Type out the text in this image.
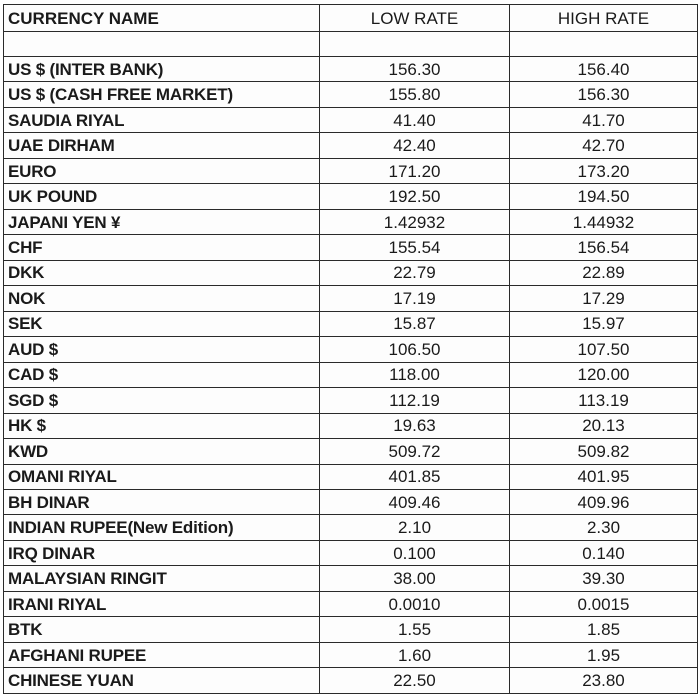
CURRENCY NAME	LOW RATE	HIGH RATE

US $ (INTER BANK)	156.30	156.40
US $ (CASH FREE MARKET)	155.80	156.30
SAUDIA RIYAL	41.40	41.70
UAE DIRHAM	42.40	42.70
EURO	171.20	173.20
UK POUND	192.50	194.50
JAPANI YEN ¥	1.42932	1.44932
CHF	155.54	156.54
DKK	22.79	22.89
NOK	17.19	17.29
SEK	15.87	15.97
AUD $	106.50	107.50
CAD $	118.00	120.00
SGD $	112.19	113.19
HK $	19.63	20.13
KWD	509.72	509.82
OMANI RIYAL	401.85	401.95
BH DINAR	409.46	409.96
INDIAN RUPEE(New Edition)	2.10	2.30
IRQ DINAR	0.100	0.140
MALAYSIAN RINGIT	38.00	39.30
IRANI RIYAL	0.0010	0.0015
BTK	1.55	1.85
AFGHANI RUPEE	1.60	1.95
CHINESE YUAN	22.50	23.80
